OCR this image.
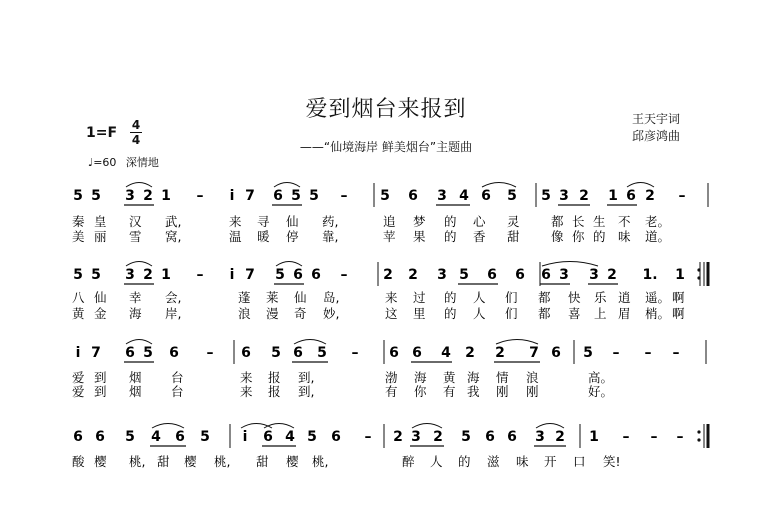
爱到烟台来报到
——“仙境海岸 鲜美烟台”主题曲
王天宇词
邱彦鸿曲
1=F 4
4
♩=60 深情地
5 5 3 2 1 – i 7 6 5 5 – 5 6 3 4 6 5 5 3 2 1 6 2 –
5 5 3 2 1 – i 7 5 6 6 –	2 2 3 5 6 6 6 3 3 2 1. 1
i 7 6 5 6 – 6 5 6 5 – 6 6 4 2 2 7 6 5 – – –
6 6 5 4 6 5 i 6 4 5 6 – 2 3 2 5 6 6 3 2 1 – – –
秦 皇 汉 武,	来 寻 仙 药,	追 梦 的 心 灵	都 长 生 不 老。
美 丽 雪 窝,	温 暖 停 靠,	苹 果 的 香 甜	像 你 的 味 道。
八 仙 幸 会,	蓬 莱 仙 岛,	来 过 的 人 们 都 快 乐 逍 遥。 啊
黄 金 海 岸,	浪 漫 奇 妙,	这 里 的 人 们 都 喜 上 眉 梢。 啊
爱 到 烟 台	来 报 到,	渤 海 黄 海 情 浪	高。
爱 到 烟 台	来 报 到,	有 你 有 我 刚 刚	好。
酸 樱 桃, 甜 樱 桃, 甜 樱 桃,	醉 人 的 滋 味 开 口 笑!
